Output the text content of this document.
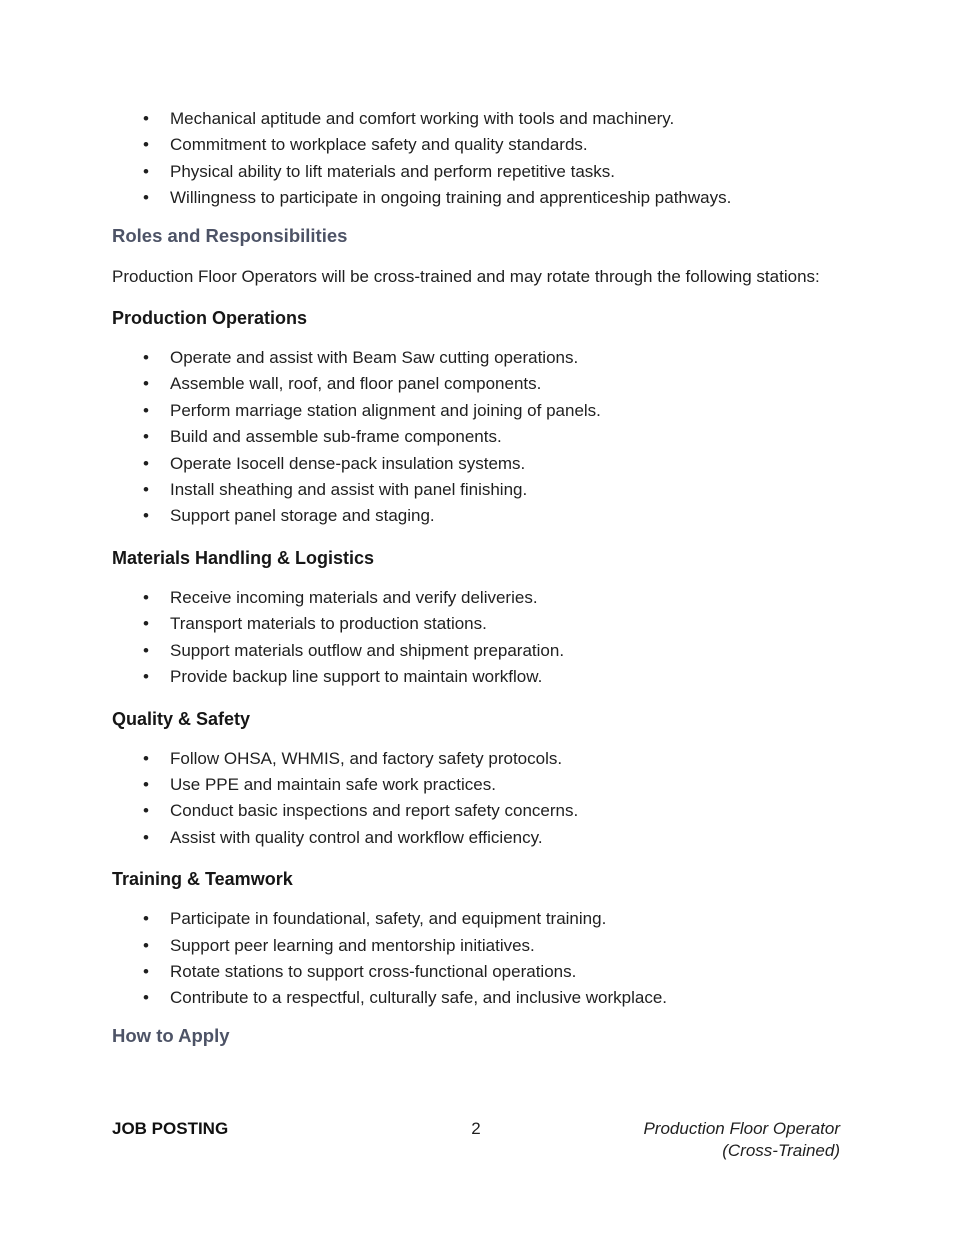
• Mechanical aptitude and comfort working with tools and machinery.
• Commitment to workplace safety and quality standards.
• Physical ability to lift materials and perform repetitive tasks.
• Willingness to participate in ongoing training and apprenticeship pathways.
Roles and Responsibilities

Production Floor Operators will be cross-trained and may rotate through the following stations:

Production Operations
• Operate and assist with Beam Saw cutting operations.
• Assemble wall, roof, and floor panel components.
• Perform marriage station alignment and joining of panels.
• Build and assemble sub-frame components.
• Operate Isocell dense-pack insulation systems.
• Install sheathing and assist with panel finishing.
• Support panel storage and staging.
Materials Handling & Logistics
• Receive incoming materials and verify deliveries.
• Transport materials to production stations.
• Support materials outflow and shipment preparation.
• Provide backup line support to maintain workflow.
Quality & Safety
• Follow OHSA, WHMIS, and factory safety protocols.
• Use PPE and maintain safe work practices.
• Conduct basic inspections and report safety concerns.
• Assist with quality control and workflow efficiency.
Training & Teamwork
• Participate in foundational, safety, and equipment training.
• Support peer learning and mentorship initiatives.
• Rotate stations to support cross-functional operations.
• Contribute to a respectful, culturally safe, and inclusive workplace.
How to Apply
JOB POSTING	2	Production Floor Operator
(Cross-Trained)
